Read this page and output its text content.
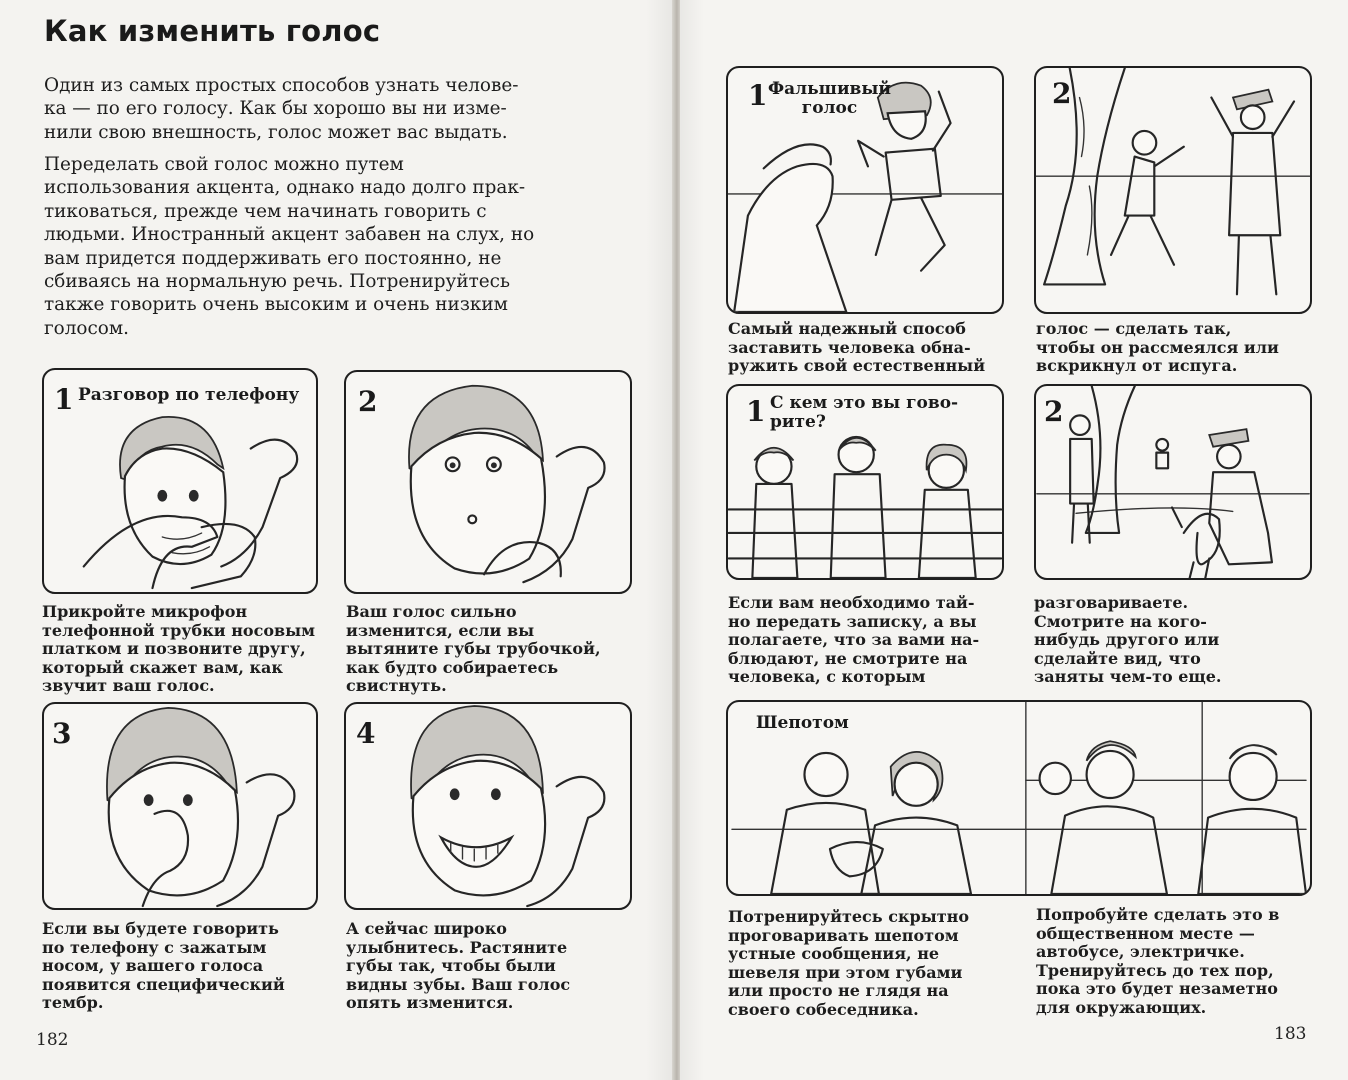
Как изменить голос

Один из самых простых способов узнать челове-
ка — по его голосу. Как бы хорошо вы ни изме-
нили свою внешность, голос может вас выдать.

Переделать свой голос можно путем
использования акцента, однако надо долго прак-
тиковаться, прежде чем начинать говорить с
людьми. Иностранный акцент забавен на слух, но
вам придется поддерживать его постоянно, не
сбиваясь на нормальную речь. Потренируйтесь
также говорить очень высоким и очень низким
голосом.

1 Разговор по телефону

Прикройте микрофон
телефонной трубки носовым
платком и позвоните другу,
который скажет вам, как
звучит ваш голос.

2

Ваш голос сильно
изменится, если вы
вытяните губы трубочкой,
как будто собираетесь
свистнуть.

3

Если вы будете говорить
по телефону с зажатым
носом, у вашего голоса
появится специфический
тембр.

4

А сейчас широко
улыбнитесь. Растяните
губы так, чтобы были
видны зубы. Ваш голос
опять изменится.

182
1 Фальшивый
голос

Самый надежный способ
заставить человека обна-
ружить свой естественный

2

голос — сделать так,
чтобы он рассмеялся или
вскрикнул от испуга.

1 С кем это вы гово-
рите?

Если вам необходимо тай-
но передать записку, а вы
полагаете, что за вами на-
блюдают, не смотрите на
человека, с которым

2

разговариваете.
Смотрите на кого-
нибудь другого или
сделайте вид, что
заняты чем-то еще.

Шепотом

Потренируйтесь скрытно
проговаривать шепотом
устные сообщения, не
шевеля при этом губами
или просто не глядя на
своего собеседника.

Попробуйте сделать это в
общественном месте —
автобусе, электричке.
Тренируйтесь до тех пор,
пока это будет незаметно
для окружающих.

183
